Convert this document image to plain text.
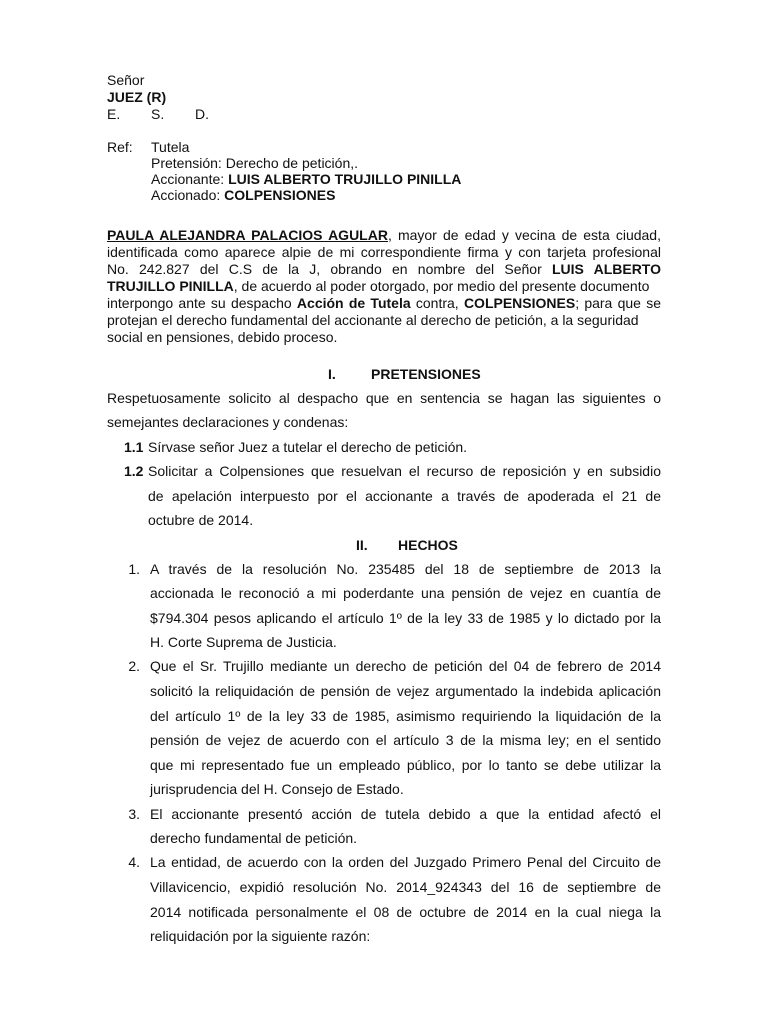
Señor
JUEZ (R)
E. S. D.
Ref: Tutela
Pretensión: Derecho de petición,.
Accionante: LUIS ALBERTO TRUJILLO PINILLA
Accionado: COLPENSIONES
PAULA ALEJANDRA PALACIOS AGULAR, mayor de edad y vecina de esta ciudad,
identificada como aparece alpie de mi correspondiente firma y con tarjeta profesional
No. 242.827 del C.S de la J, obrando en nombre del Señor LUIS ALBERTO
TRUJILLO PINILLA, de acuerdo al poder otorgado, por medio del presente documento
interpongo ante su despacho Acción de Tutela contra, COLPENSIONES; para que se
protejan el derecho fundamental del accionante al derecho de petición, a la seguridad
social en pensiones, debido proceso.
I.	PRETENSIONES
Respetuosamente solicito al despacho que en sentencia se hagan las siguientes o
semejantes declaraciones y condenas:
1.1 Sírvase señor Juez a tutelar el derecho de petición.
1.2 Solicitar a Colpensiones que resuelvan el recurso de reposición y en subsidio
de apelación interpuesto por el accionante a través de apoderada el 21 de
octubre de 2014.
II. HECHOS
1. A través de la resolución No. 235485 del 18 de septiembre de 2013 la
accionada le reconoció a mi poderdante una pensión de vejez en cuantía de
$794.304 pesos aplicando el artículo 1º de la ley 33 de 1985 y lo dictado por la
H. Corte Suprema de Justicia.
2. Que el Sr. Trujillo mediante un derecho de petición del 04 de febrero de 2014
solicitó la reliquidación de pensión de vejez argumentado la indebida aplicación
del artículo 1º de la ley 33 de 1985, asimismo requiriendo la liquidación de la
pensión de vejez de acuerdo con el artículo 3 de la misma ley; en el sentido
que mi representado fue un empleado público, por lo tanto se debe utilizar la
jurisprudencia del H. Consejo de Estado.
3. El accionante presentó acción de tutela debido a que la entidad afectó el
derecho fundamental de petición.
4. La entidad, de acuerdo con la orden del Juzgado Primero Penal del Circuito de
Villavicencio, expidió resolución No. 2014_924343 del 16 de septiembre de
2014 notificada personalmente el 08 de octubre de 2014 en la cual niega la
reliquidación por la siguiente razón:
